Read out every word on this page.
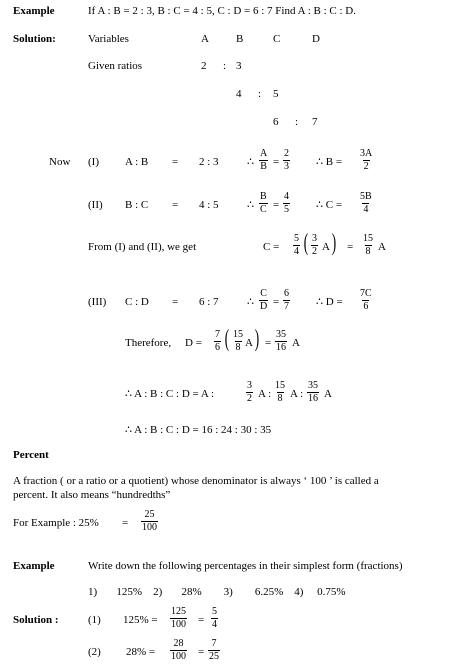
Example	If A : B = 2 : 3, B : C = 4 : 5, C : D = 6 : 7 Find A : B : C : D.
Solution:	Variables	A B	C	D
Given ratios	2 : 3
4 : 5
6 : 7
Now (I) A : B = 2 : 3	∴ $\frac{A}{B} = \frac{2}{3}$ ∴ $B = \frac{3A}{2}$
(II) B : C = 4 : 5	∴ $\frac{B}{C} = \frac{4}{5}$ ∴ $C = \frac{5B}{4}$
From (I) and (II), we get	$C = \frac{5}{4}$ ( $\frac{3}{2}$ A ) = $\frac{15}{8}$ A
(III) C : D = 6 : 7	∴ $\frac{C}{D} = \frac{6}{7}$ ∴ $D = \frac{7C}{6}$
Therefore, $D = \frac{7}{6}$ ( $\frac{15}{8}$ A ) = $\frac{35}{16}$ A
∴ A : B : C : D = A :	$\frac{3}{2}$ A : $\frac{15}{8}$ A : $\frac{35}{16}$ A
∴ A : B : C : D = 16 : 24 : 30 : 35
Percent
A fraction ( or a ratio or a quotient) whose denominator is always ‘ 100 ’ is called a
percent. It also means “hundredths”
For Example : $25\% = \frac{25}{100}$
Example	Write down the following percentages in their simplest form (fractions)
1)       125%    2)       28%        3)        6.25%    4)     0.75%
Solution :	(1) $125\% = \frac{125}{100} = \frac{5}{4}$
(2) $28\% = \frac{28}{100} = \frac{7}{25}$
